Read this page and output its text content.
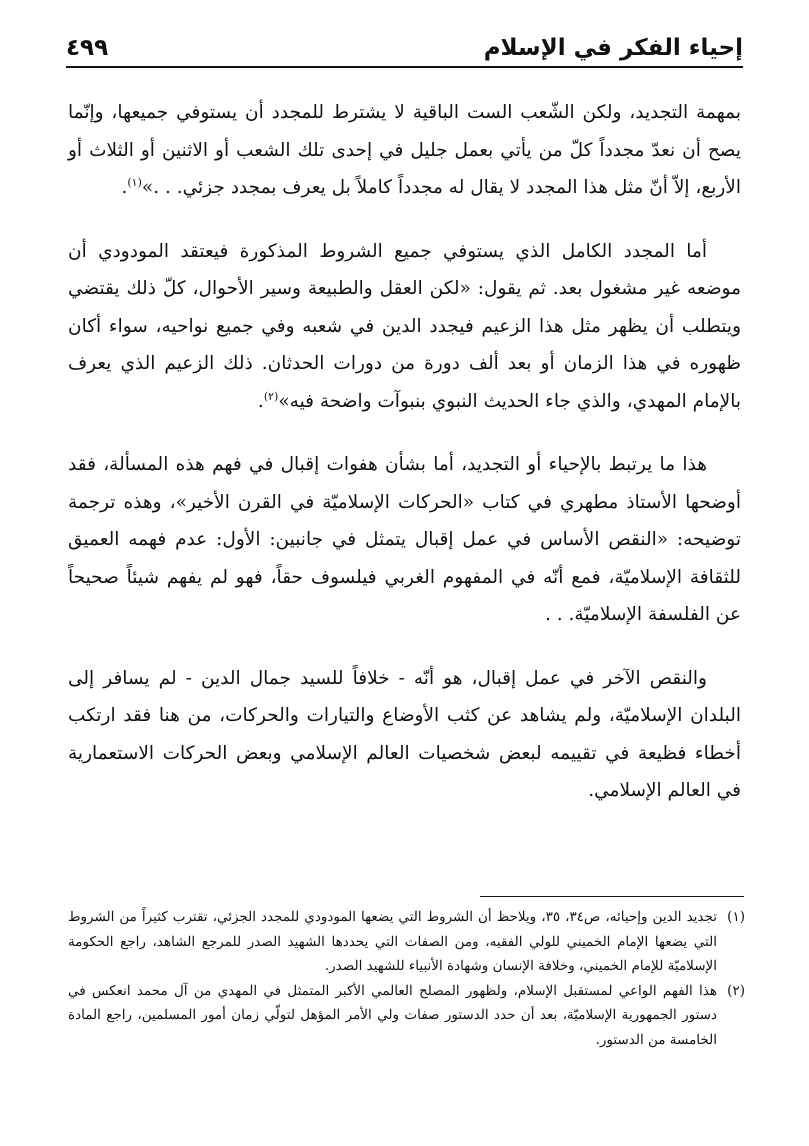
إحياء الفكر في الإسلام
٤٩٩

بمهمة التجديد، ولكن الشّعب الست الباقية لا يشترط للمجدد أن يستوفي جميعها، وإنّما يصح أن نعدّ مجدداً كلّ من يأتي بعمل جليل في إحدى تلك الشعب أو الاثنين أو الثلاث أو الأربع، إلاّ أنّ مثل هذا المجدد لا يقال له مجدداً كاملاً بل يعرف بمجدد جزئي. . .»$^{(١)}$.

أما المجدد الكامل الذي يستوفي جميع الشروط المذكورة فيعتقد المودودي أن موضعه غير مشغول بعد. ثم يقول: «لكن العقل والطبيعة وسير الأحوال، كلّ ذلك يقتضي ويتطلب أن يظهر مثل هذا الزعيم فيجدد الدين في شعبه وفي جميع نواحيه، سواء أكان ظهوره في هذا الزمان أو بعد ألف دورة من دورات الحدثان. ذلك الزعيم الذي يعرف بالإمام المهدي، والذي جاء الحديث النبوي بنبوآت واضحة فيه»$^{(٢)}$.

هذا ما يرتبط بالإحياء أو التجديد، أما بشأن هفوات إقبال في فهم هذه المسألة، فقد أوضحها الأستاذ مطهري في كتاب «الحركات الإسلاميّة في القرن الأخير»، وهذه ترجمة توضيحه: «النقص الأساس في عمل إقبال يتمثل في جانبين: الأول: عدم فهمه العميق للثقافة الإسلاميّة، فمع أنّه في المفهوم الغربي فيلسوف حقاً، فهو لم يفهم شيئاً صحيحاً عن الفلسفة الإسلاميّة. . .

والنقص الآخر في عمل إقبال، هو أنّه - خلافاً للسيد جمال الدين - لم يسافر إلى البلدان الإسلاميّة، ولم يشاهد عن كثب الأوضاع والتيارات والحركات، من هنا فقد ارتكب أخطاء فظيعة في تقييمه لبعض شخصيات العالم الإسلامي وبعض الحركات الاستعمارية في العالم الإسلامي.

(١)
تجديد الدين وإحيائه، ص٣٤، ٣٥، ويلاحظ أن الشروط التي يضعها المودودي للمجدد الجزئي، تقترب كثيراً من الشروط التي يضعها الإمام الخميني للولي الفقيه، ومن الصفات التي يحددها الشهيد الصدر للمرجع الشاهد، راجع الحكومة الإسلاميّة للإمام الخميني، وخلافة الإنسان وشهادة الأنبياء للشهيد الصدر.
(٢)
هذا الفهم الواعي لمستقبل الإسلام، ولظهور المصلح العالمي الأكبر المتمثل في المهدي من آل محمد انعكس في دستور الجمهورية الإسلاميّة، بعد أن حدد الدستور صفات ولي الأمر المؤهل لتولّي زمان أمور المسلمين، راجع المادة الخامسة من الدستور.
